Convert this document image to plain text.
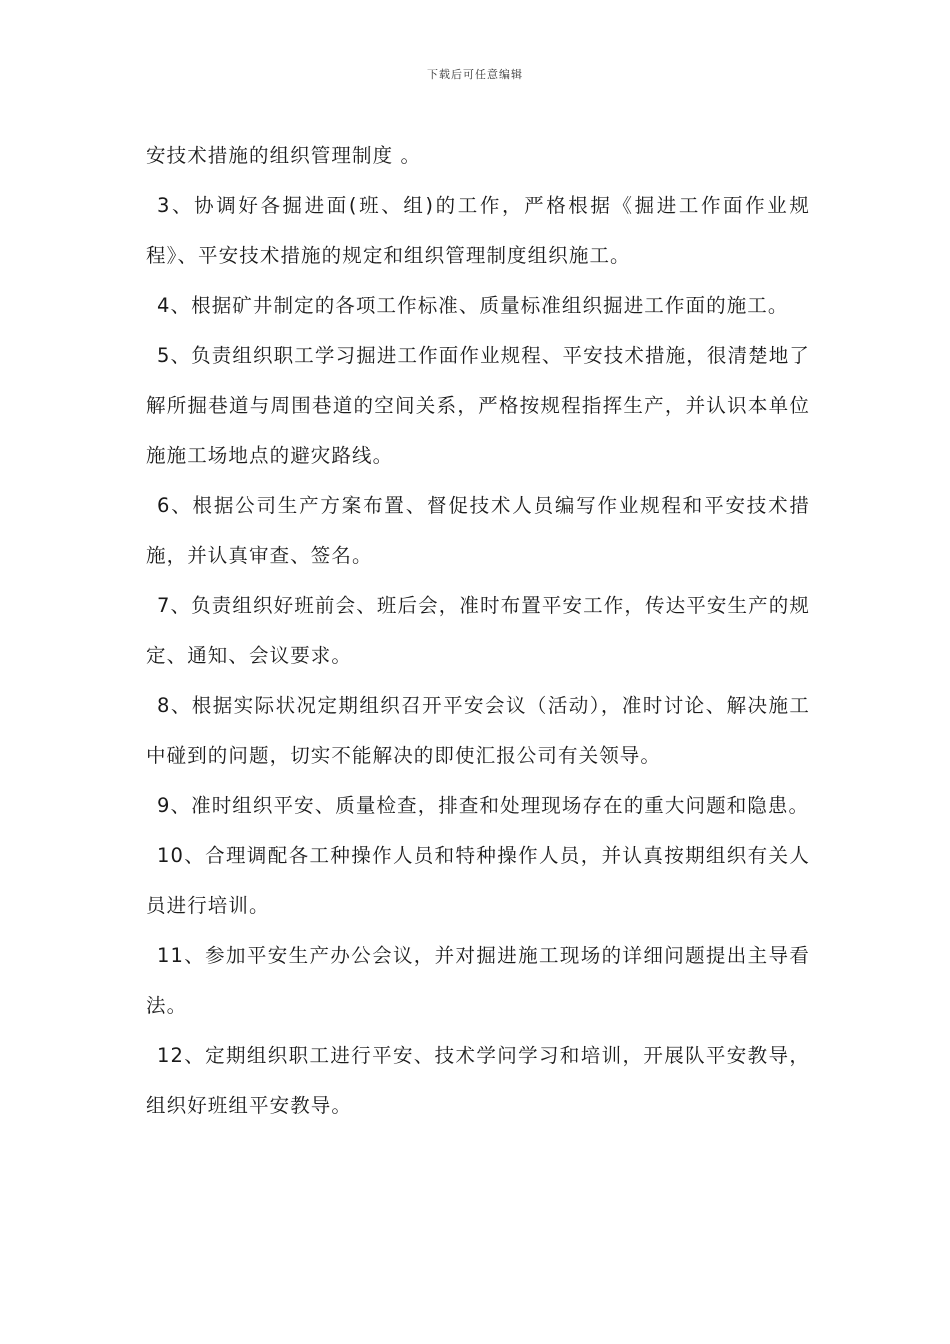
下载后可任意编辑

安技术措施的组织管理制度 。

3、协调好各掘进面(班、组)的工作，严格根据《掘进工作面作业规程》、平安技术措施的规定和组织管理制度组织施工。

4、根据矿井制定的各项工作标准、质量标准组织掘进工作面的施工。

5、负责组织职工学习掘进工作面作业规程、平安技术措施，很清楚地了解所掘巷道与周围巷道的空间关系，严格按规程指挥生产，并认识本单位施施工场地点的避灾路线。

6、根据公司生产方案布置、督促技术人员编写作业规程和平安技术措施，并认真审查、签名。

7、负责组织好班前会、班后会，准时布置平安工作，传达平安生产的规定、通知、会议要求。

8、根据实际状况定期组织召开平安会议（活动），准时讨论、解决施工中碰到的问题，切实不能解决的即使汇报公司有关领导。

9、准时组织平安、质量检查，排查和处理现场存在的重大问题和隐患。

10、合理调配各工种操作人员和特种操作人员，并认真按期组织有关人员进行培训。

11、参加平安生产办公会议，并对掘进施工现场的详细问题提出主导看法。

12、定期组织职工进行平安、技术学问学习和培训，开展队平安教导，组织好班组平安教导。
